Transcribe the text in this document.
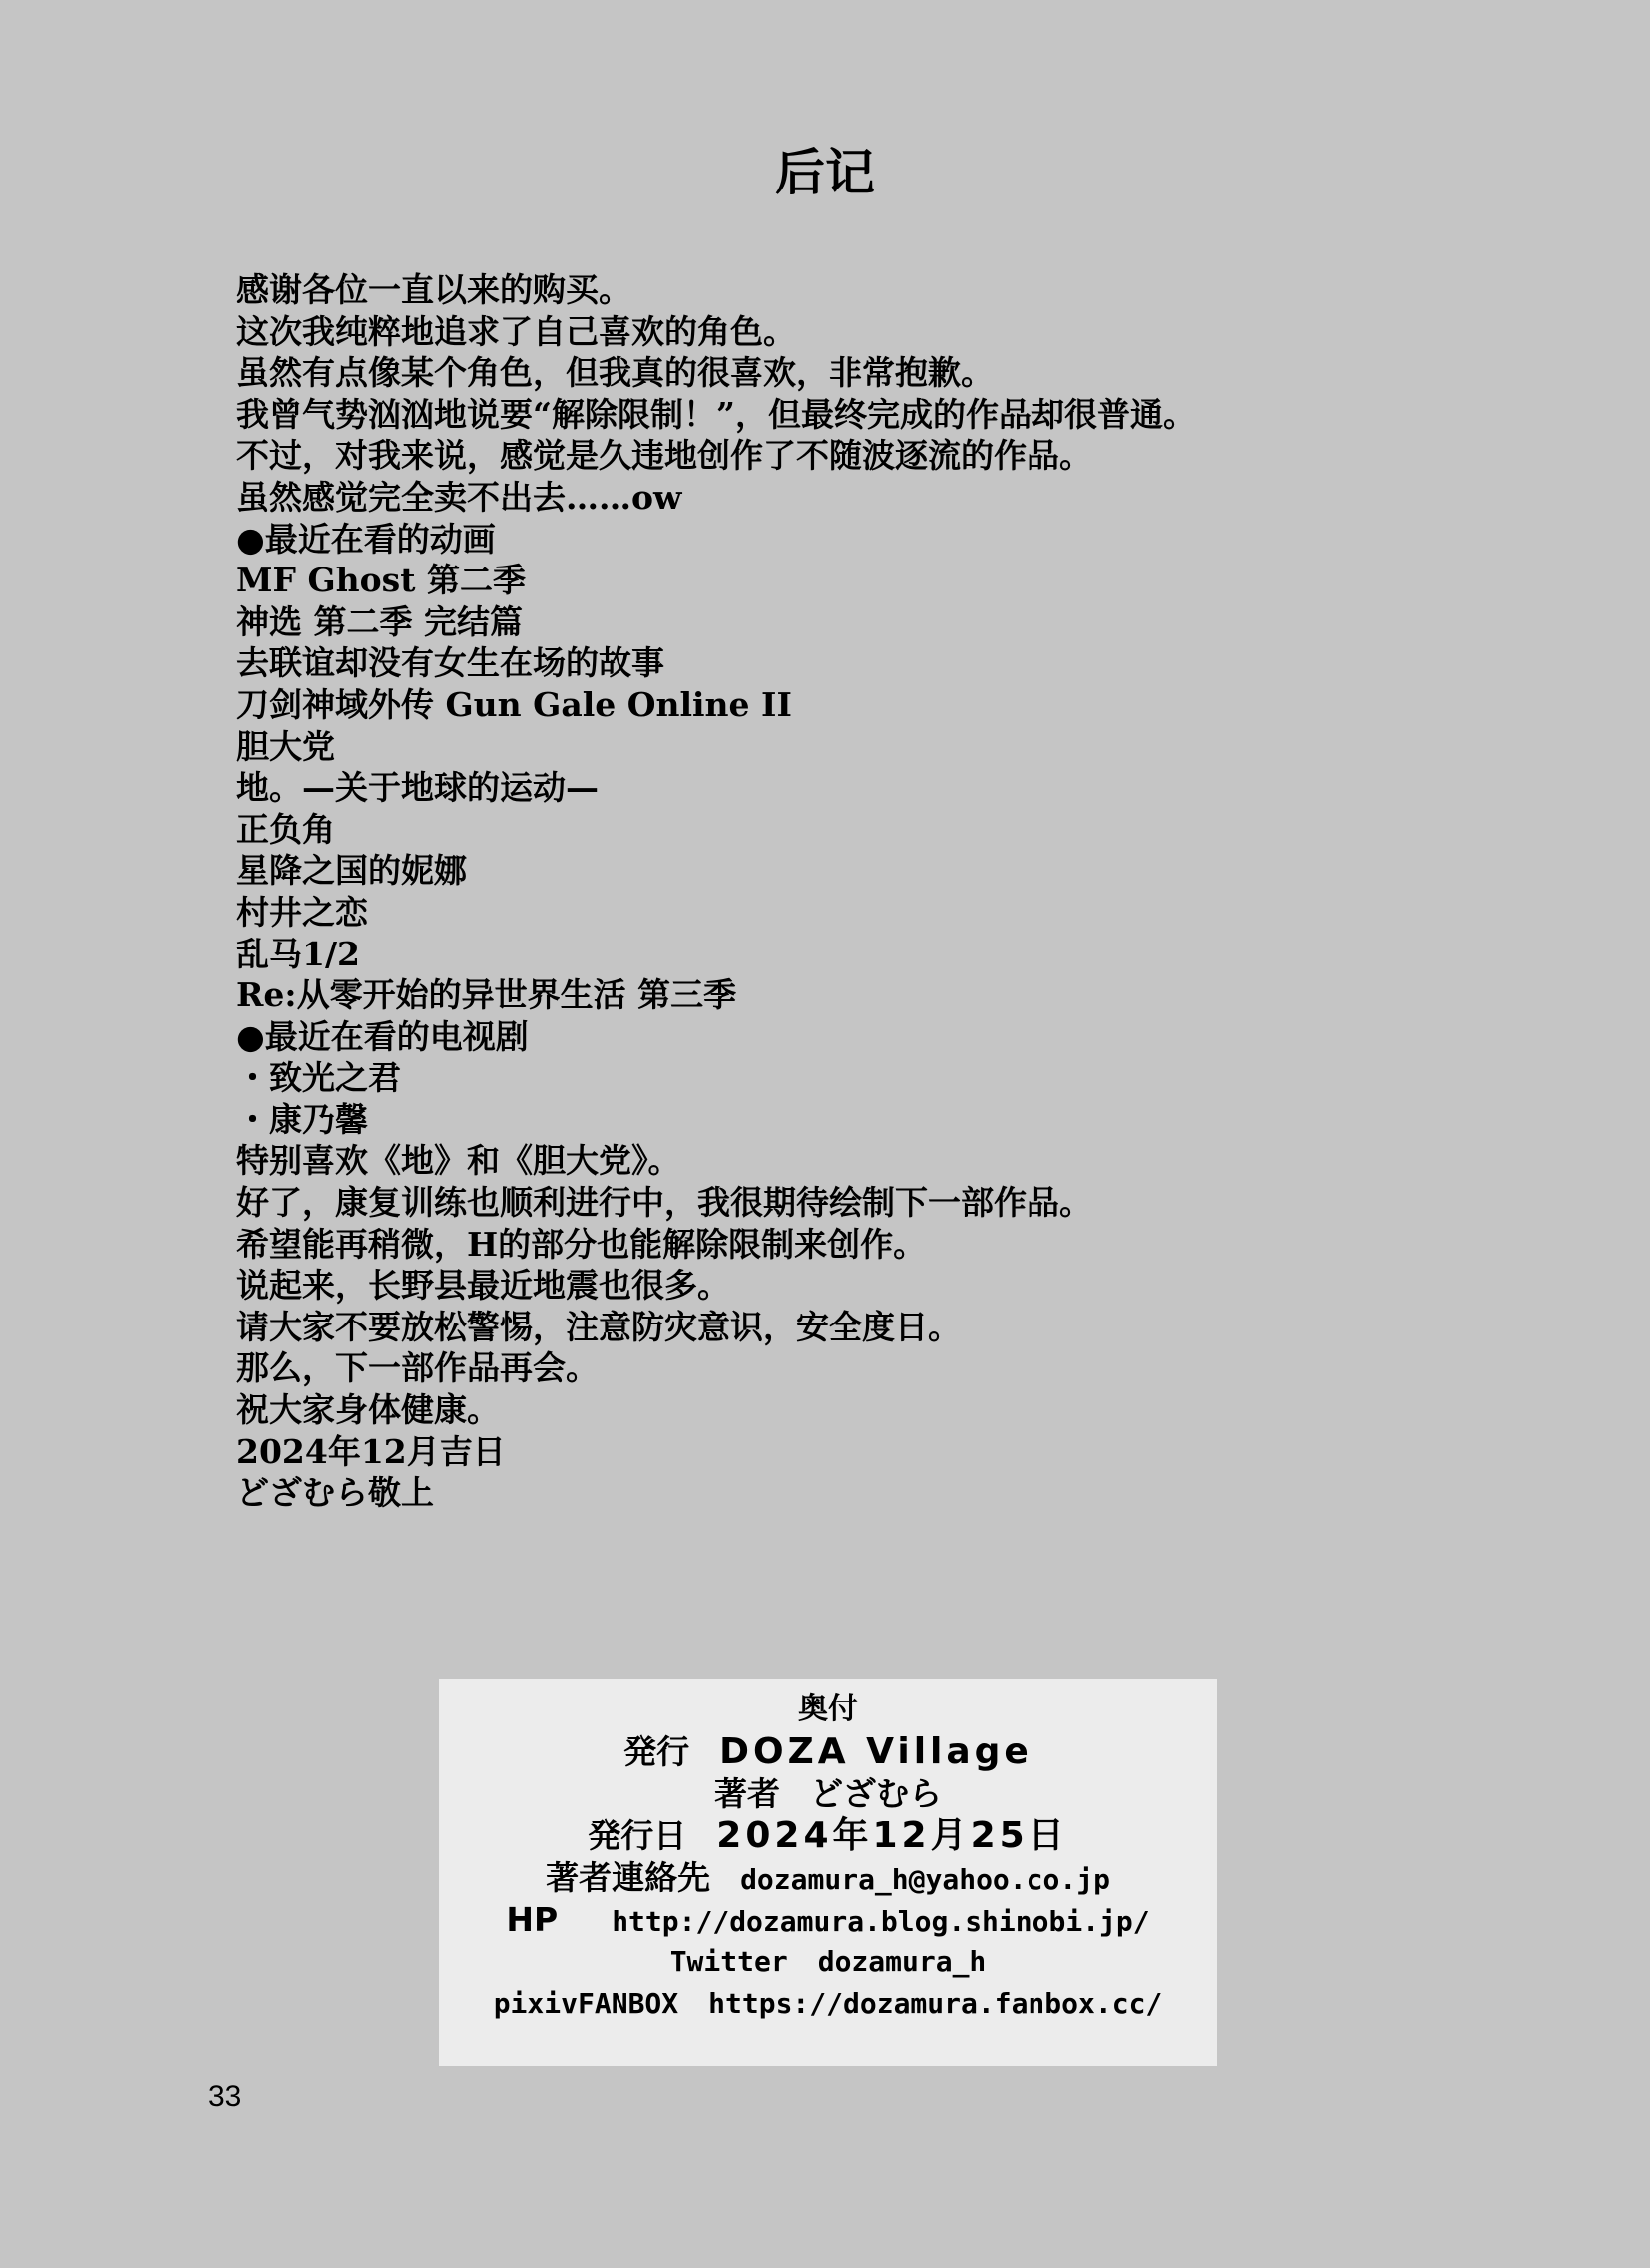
后记
感谢各位一直以来的购买。
这次我纯粹地追求了自己喜欢的角色。
虽然有点像某个角色，但我真的很喜欢，非常抱歉。
我曾气势汹汹地说要“解除限制！”，但最终完成的作品却很普通。
不过，对我来说，感觉是久违地创作了不随波逐流的作品。
虽然感觉完全卖不出去……ow
●最近在看的动画
MF Ghost 第二季
神选 第二季 完结篇
去联谊却没有女生在场的故事
刀剑神域外传 Gun Gale Online II
胆大党
地。—关于地球的运动—
正负角
星降之国的妮娜
村井之恋
乱马1/2
Re:从零开始的异世界生活 第三季
●最近在看的电视剧
・致光之君
・康乃馨
特别喜欢《地》和《胆大党》。
好了，康复训练也顺利进行中，我很期待绘制下一部作品。
希望能再稍微，H的部分也能解除限制来创作。
说起来，长野县最近地震也很多。
请大家不要放松警惕，注意防灾意识，安全度日。
那么，下一部作品再会。
祝大家身体健康。
2024年12月吉日
どざむら敬上
奥付
発行 DOZA Village
著者 どざむら
発行日 2024年12月25日
著者連絡先 dozamura_h@yahoo.co.jp
HP http://dozamura.blog.shinobi.jp/
Twitter dozamura_h
pixivFANBOX https://dozamura.fanbox.cc/
33
